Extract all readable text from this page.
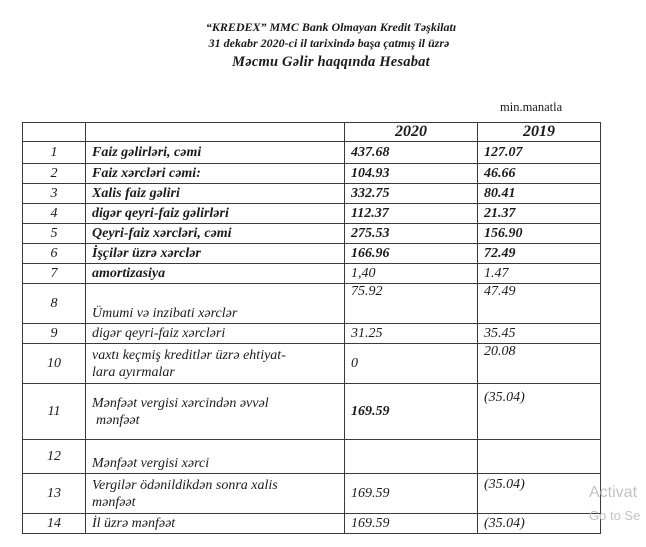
“KREDEX” MMC Bank Olmayan Kredit Təşkilatı
31 dekabr 2020-ci il tarixində başa çatmış il üzrə
Məcmu Gəlir haqqında Hesabat
min.manatla
		2020	2019
1	Faiz gəlirləri, cəmi	437.68	127.07
2	Faiz xərcləri cəmi:	104.93	46.66
3	Xalis faiz gəliri	332.75	80.41
4	digər qeyri-faiz gəlirləri	112.37	21.37
5	Qeyri-faiz xərcləri, cəmi	275.53	156.90
6	İşçilər üzrə xərclər	166.96	72.49
7	amortizasiya	1,40	1.47
8	Ümumi və inzibati xərclər	75.92	47.49
9	digər qeyri-faiz xərcləri	31.25	35.45
10	vaxtı keçmiş kreditlər üzrə ehtiyat-
lara ayırmalar	0	20.08
11	Mənfəət vergisi xərcindən əvvəl
mənfəət	169.59	(35.04)
12	Mənfəət vergisi xərci		
13	Vergilər ödənildikdən sonra xalis
mənfəət	169.59	(35.04)
14	İl üzrə mənfəət	169.59	(35.04)
Activat
Go to Se
